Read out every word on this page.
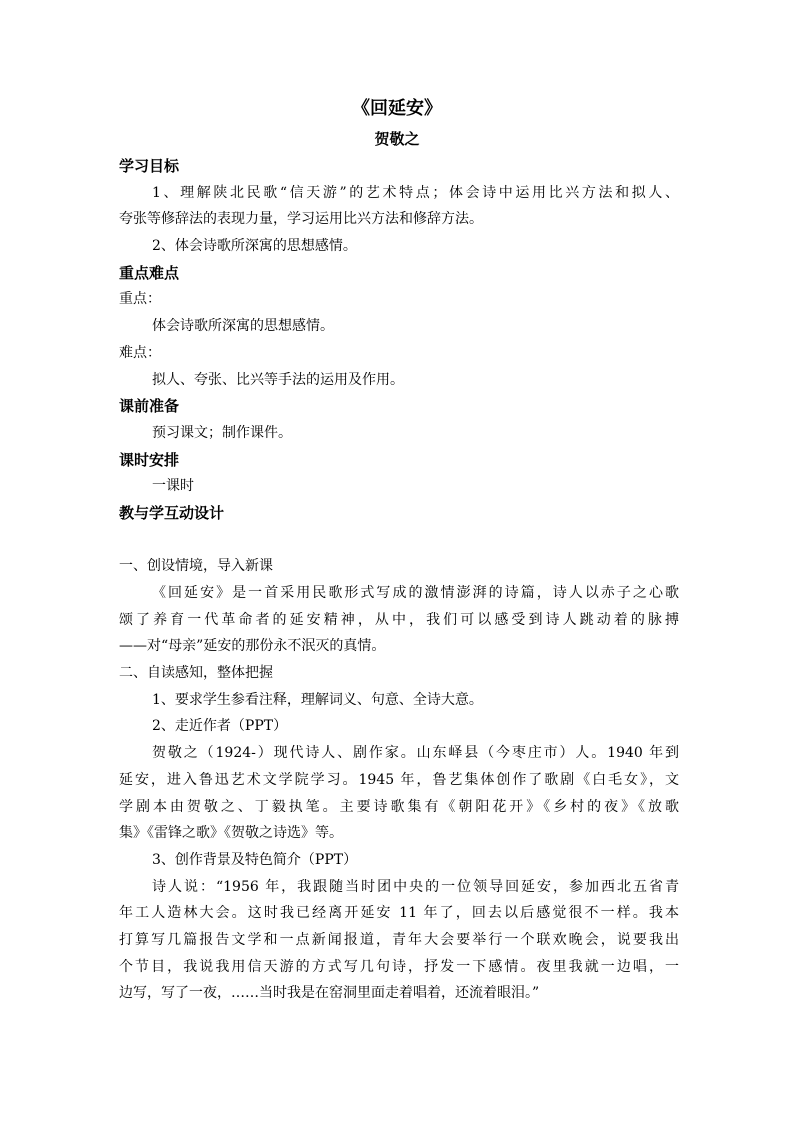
《回延安》
贺敬之
学习目标
1、理解陕北民歌“信天游”的艺术特点；体会诗中运用比兴方法和拟人、
夸张等修辞法的表现力量，学习运用比兴方法和修辞方法。
2、体会诗歌所深寓的思想感情。
重点难点
重点：
体会诗歌所深寓的思想感情。
难点：
拟人、夸张、比兴等手法的运用及作用。
课前准备
预习课文；制作课件。
课时安排
一课时
教与学互动设计
一、创设情境，导入新课
《回延安》是一首采用民歌形式写成的激情澎湃的诗篇，诗人以赤子之心歌
颂了养育一代革命者的延安精神，从中，我们可以感受到诗人跳动着的脉搏
——对“母亲”延安的那份永不泯灭的真情。
二、自读感知，整体把握
1、要求学生参看注释，理解词义、句意、全诗大意。
2、走近作者（PPT）
贺敬之（1924-）现代诗人、剧作家。山东峄县（今枣庄市）人。1940 年到
延安，进入鲁迅艺术文学院学习。1945 年，鲁艺集体创作了歌剧《白毛女》，文
学剧本由贺敬之、丁毅执笔。主要诗歌集有《朝阳花开》《乡村的夜》《放歌
集》《雷锋之歌》《贺敬之诗选》等。
3、创作背景及特色简介（PPT）
诗人说：“1956 年，我跟随当时团中央的一位领导回延安，参加西北五省青
年工人造林大会。这时我已经离开延安 11 年了，回去以后感觉很不一样。我本
打算写几篇报告文学和一点新闻报道，青年大会要举行一个联欢晚会，说要我出
个节目，我说我用信天游的方式写几句诗，抒发一下感情。夜里我就一边唱，一
边写，写了一夜，……当时我是在窑洞里面走着唱着，还流着眼泪。”
